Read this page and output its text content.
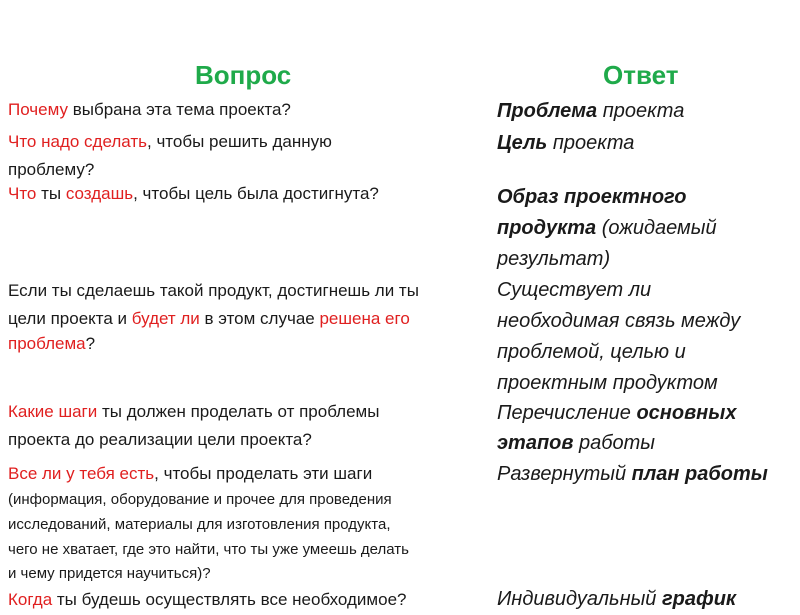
Вопрос	Ответ
Почему выбрана эта тема проекта?
Что надо сделать, чтобы решить данную
проблему?
Что ты создашь, чтобы цель была достигнута?
Если ты сделаешь такой продукт, достигнешь ли ты
цели проекта и будет ли в этом случае решена его
проблема?
Какие шаги ты должен проделать от проблемы
проекта до реализации цели проекта?
Все ли у тебя есть, чтобы проделать эти шаги
(информация, оборудование и прочее для проведения
исследований, материалы для изготовления продукта,
чего не хватает, где это найти, что ты уже умеешь делать
и чему придется научиться)?
Когда ты будешь осуществлять все необходимое?
Проблема проекта
Цель проекта
Образ проектного
продукта (ожидаемый
результат)
Существует ли
необходимая связь между
проблемой, целью и
проектным продуктом
Перечисление основных
этапов работы
Развернутый план работы
Индивидуальный график
